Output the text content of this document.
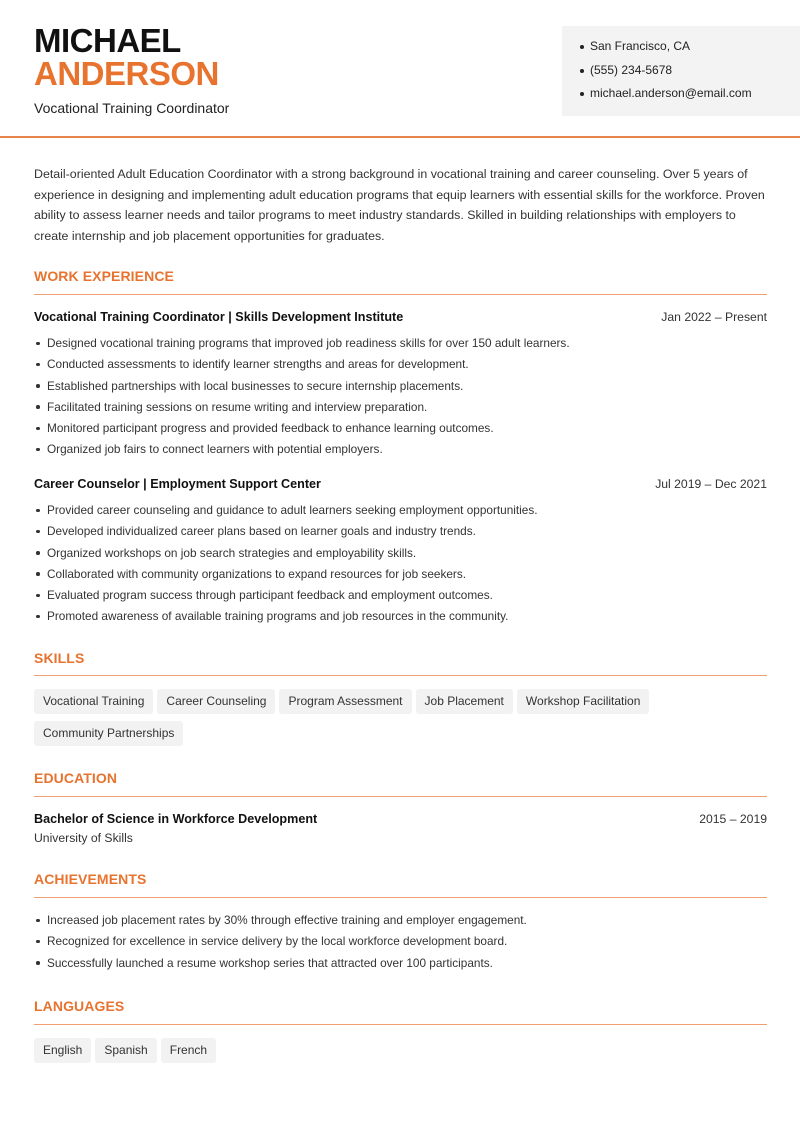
MICHAEL
ANDERSON
Vocational Training Coordinator
San Francisco, CA
(555) 234-5678
michael.anderson@email.com

Detail-oriented Adult Education Coordinator with a strong background in vocational training and career counseling. Over 5 years of experience in designing and implementing adult education programs that equip learners with essential skills for the workforce. Proven ability to assess learner needs and tailor programs to meet industry standards. Skilled in building relationships with employers to create internship and job placement opportunities for graduates.

WORK EXPERIENCE
Vocational Training Coordinator | Skills Development Institute	Jan 2022 – Present
Designed vocational training programs that improved job readiness skills for over 150 adult learners.
Conducted assessments to identify learner strengths and areas for development.
Established partnerships with local businesses to secure internship placements.
Facilitated training sessions on resume writing and interview preparation.
Monitored participant progress and provided feedback to enhance learning outcomes.
Organized job fairs to connect learners with potential employers.
Career Counselor | Employment Support Center	Jul 2019 – Dec 2021
Provided career counseling and guidance to adult learners seeking employment opportunities.
Developed individualized career plans based on learner goals and industry trends.
Organized workshops on job search strategies and employability skills.
Collaborated with community organizations to expand resources for job seekers.
Evaluated program success through participant feedback and employment outcomes.
Promoted awareness of available training programs and job resources in the community.
SKILLS
Vocational Training Career Counseling Program Assessment Job Placement Workshop Facilitation
Community Partnerships
EDUCATION
Bachelor of Science in Workforce Development	2015 – 2019
University of Skills
ACHIEVEMENTS
Increased job placement rates by 30% through effective training and employer engagement.
Recognized for excellence in service delivery by the local workforce development board.
Successfully launched a resume workshop series that attracted over 100 participants.
LANGUAGES
English Spanish French
